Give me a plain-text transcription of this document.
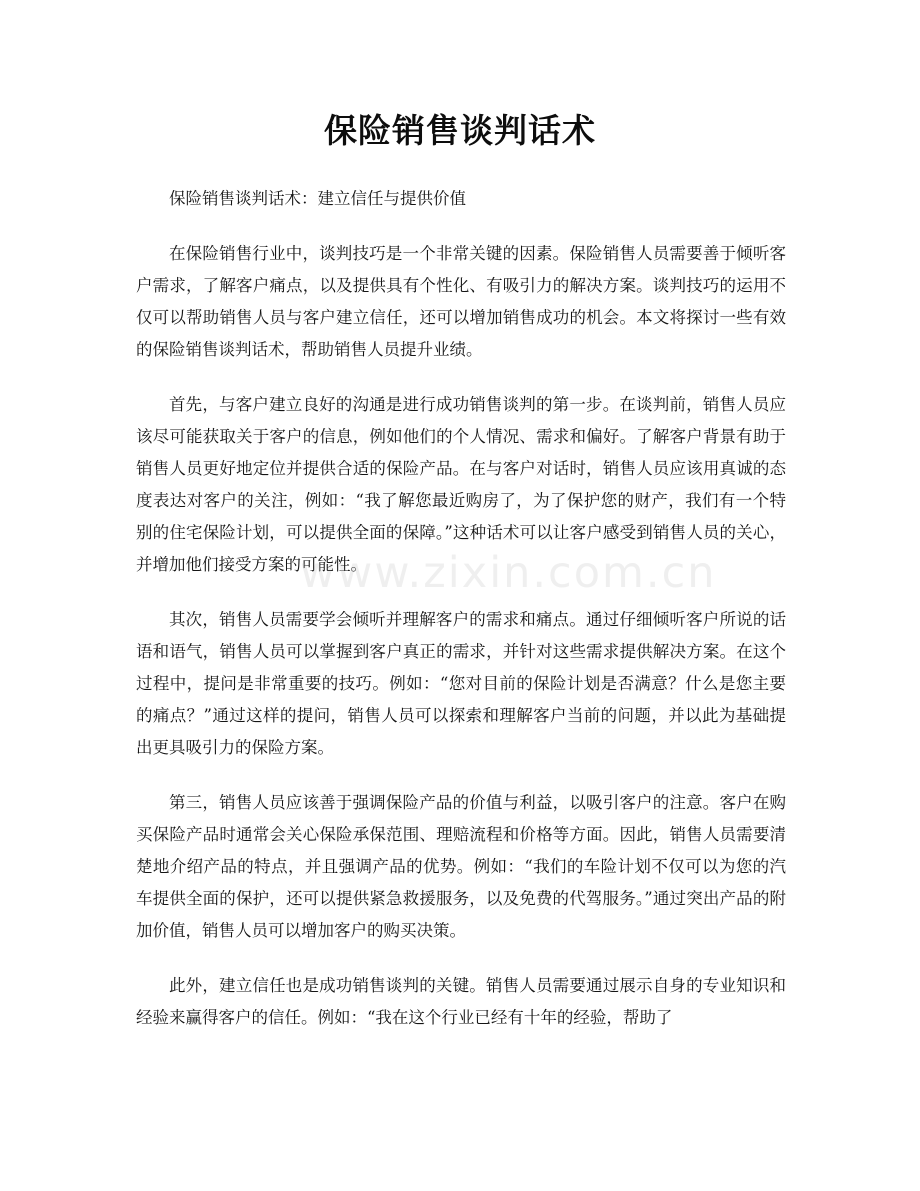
保险销售谈判话术

保险销售谈判话术：建立信任与提供价值

在保险销售行业中，谈判技巧是一个非常关键的因素。保险销售人员需要善于倾听客户需求，了解客户痛点，以及提供具有个性化、有吸引力的解决方案。谈判技巧的运用不仅可以帮助销售人员与客户建立信任，还可以增加销售成功的机会。本文将探讨一些有效的保险销售谈判话术，帮助销售人员提升业绩。

首先，与客户建立良好的沟通是进行成功销售谈判的第一步。在谈判前，销售人员应该尽可能获取关于客户的信息，例如他们的个人情况、需求和偏好。了解客户背景有助于销售人员更好地定位并提供合适的保险产品。在与客户对话时，销售人员应该用真诚的态度表达对客户的关注，例如：“我了解您最近购房了，为了保护您的财产，我们有一个特别的住宅保险计划，可以提供全面的保障。”这种话术可以让客户感受到销售人员的关心，并增加他们接受方案的可能性。

其次，销售人员需要学会倾听并理解客户的需求和痛点。通过仔细倾听客户所说的话语和语气，销售人员可以掌握到客户真正的需求，并针对这些需求提供解决方案。在这个过程中，提问是非常重要的技巧。例如：“您对目前的保险计划是否满意？什么是您主要的痛点？”通过这样的提问，销售人员可以探索和理解客户当前的问题，并以此为基础提出更具吸引力的保险方案。

第三，销售人员应该善于强调保险产品的价值与利益，以吸引客户的注意。客户在购买保险产品时通常会关心保险承保范围、理赔流程和价格等方面。因此，销售人员需要清楚地介绍产品的特点，并且强调产品的优势。例如：“我们的车险计划不仅可以为您的汽车提供全面的保护，还可以提供紧急救援服务，以及免费的代驾服务。”通过突出产品的附加价值，销售人员可以增加客户的购买决策。

此外，建立信任也是成功销售谈判的关键。销售人员需要通过展示自身的专业知识和经验来赢得客户的信任。例如：“我在这个行业已经有十年的经验，帮助了

www.zixin.com.cn
